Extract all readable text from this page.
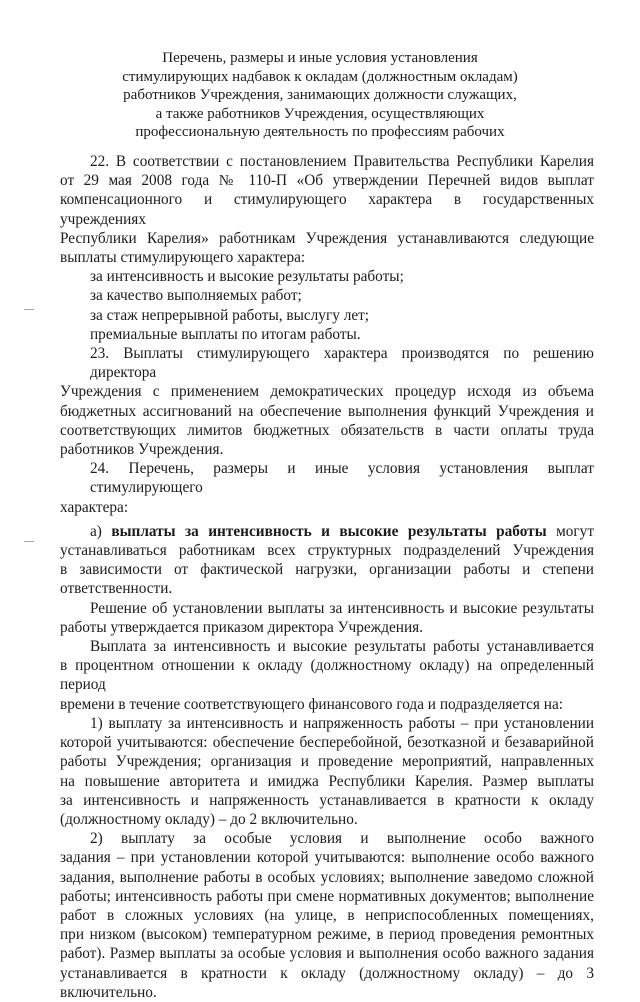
Перечень, размеры и иные условия установления
стимулирующих надбавок к окладам (должностным окладам)
работников Учреждения, занимающих должности служащих,
а также работников Учреждения, осуществляющих
профессиональную деятельность по профессиям рабочих
22. В соответствии с постановлением Правительства Республики Карелия
от 29 мая 2008 года № 110-П «Об утверждении Перечней видов выплат
компенсационного и стимулирующего характера в государственных учреждениях
Республики Карелия» работникам Учреждения устанавливаются следующие
выплаты стимулирующего характера:
за интенсивность и высокие результаты работы;
за качество выполняемых работ;
за стаж непрерывной работы, выслугу лет;
премиальные выплаты по итогам работы.
23. Выплаты стимулирующего характера производятся по решению директора
Учреждения с применением демократических процедур исходя из объема
бюджетных ассигнований на обеспечение выполнения функций Учреждения и
соответствующих лимитов бюджетных обязательств в части оплаты труда
работников Учреждения.
24. Перечень, размеры и иные условия установления выплат стимулирующего
характера:
а) выплаты за интенсивность и высокие результаты работы могут
устанавливаться работникам всех структурных подразделений Учреждения
в зависимости от фактической нагрузки, организации работы и степени
ответственности.
Решение об установлении выплаты за интенсивность и высокие результаты
работы утверждается приказом директора Учреждения.
Выплата за интенсивность и высокие результаты работы устанавливается
в процентном отношении к окладу (должностному окладу) на определенный период
времени в течение соответствующего финансового года и подразделяется на:
1) выплату за интенсивность и напряженность работы – при установлении
которой учитываются: обеспечение бесперебойной, безотказной и безаварийной
работы Учреждения; организация и проведение мероприятий, направленных
на повышение авторитета и имиджа Республики Карелия. Размер выплаты
за интенсивность и напряженность устанавливается в кратности к окладу
(должностному окладу) – до 2 включительно.
2) выплату за особые условия и выполнение особо важного
задания – при установлении которой учитываются: выполнение особо важного
задания, выполнение работы в особых условиях; выполнение заведомо сложной
работы; интенсивность работы при смене нормативных документов; выполнение
работ в сложных условиях (на улице, в неприспособленных помещениях,
при низком (высоком) температурном режиме, в период проведения ремонтных
работ). Размер выплаты за особые условия и выполнения особо важного задания
устанавливается в кратности к окладу (должностному окладу) – до 3 включительно.
